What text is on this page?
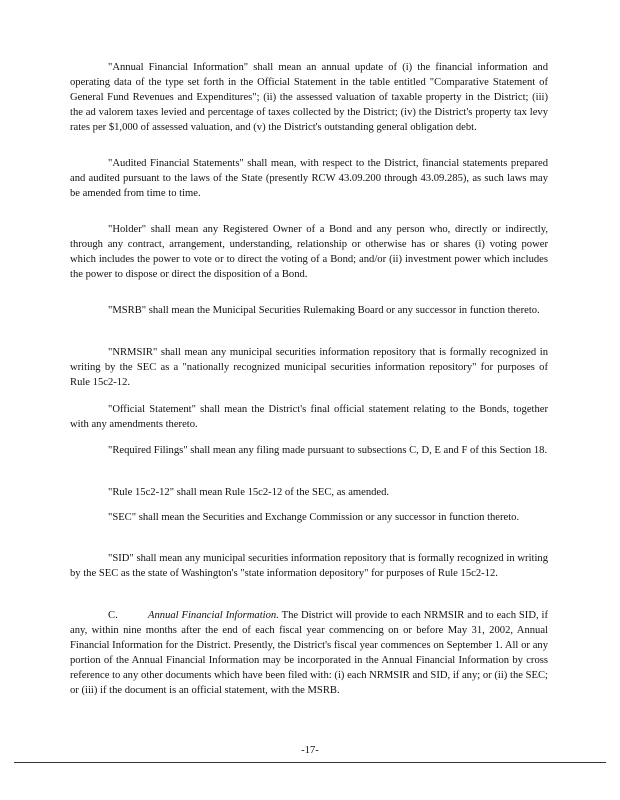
"Annual Financial Information" shall mean an annual update of (i) the financial information and operating data of the type set forth in the Official Statement in the table entitled "Comparative Statement of General Fund Revenues and Expenditures"; (ii) the assessed valuation of taxable property in the District; (iii) the ad valorem taxes levied and percentage of taxes collected by the District; (iv) the District's property tax levy rates per $1,000 of assessed valuation, and (v) the District's outstanding general obligation debt.

"Audited Financial Statements" shall mean, with respect to the District, financial statements prepared and audited pursuant to the laws of the State (presently RCW 43.09.200 through 43.09.285), as such laws may be amended from time to time.

"Holder" shall mean any Registered Owner of a Bond and any person who, directly or indirectly, through any contract, arrangement, understanding, relationship or otherwise has or shares (i) voting power which includes the power to vote or to direct the voting of a Bond; and/or (ii) investment power which includes the power to dispose or direct the disposition of a Bond.

"MSRB" shall mean the Municipal Securities Rulemaking Board or any successor in function thereto.

"NRMSIR" shall mean any municipal securities information repository that is formally recognized in writing by the SEC as a "nationally recognized municipal securities information repository" for purposes of Rule 15c2-12.

"Official Statement" shall mean the District's final official statement relating to the Bonds, together with any amendments thereto.

"Required Filings" shall mean any filing made pursuant to subsections C, D, E and F of this Section 18.

"Rule 15c2-12" shall mean Rule 15c2-12 of the SEC, as amended.

"SEC" shall mean the Securities and Exchange Commission or any successor in function thereto.

"SID" shall mean any municipal securities information repository that is formally recognized in writing by the SEC as the state of Washington's "state information depository" for purposes of Rule 15c2-12.

C.	Annual Financial Information. The District will provide to each NRMSIR and to each SID, if any, within nine months after the end of each fiscal year commencing on or before May 31, 2002, Annual Financial Information for the District. Presently, the District's fiscal year commences on September 1. All or any portion of the Annual Financial Information may be incorporated in the Annual Financial Information by cross reference to any other documents which have been filed with: (i) each NRMSIR and SID, if any; or (ii) the SEC; or (iii) if the document is an official statement, with the MSRB.

-17-
